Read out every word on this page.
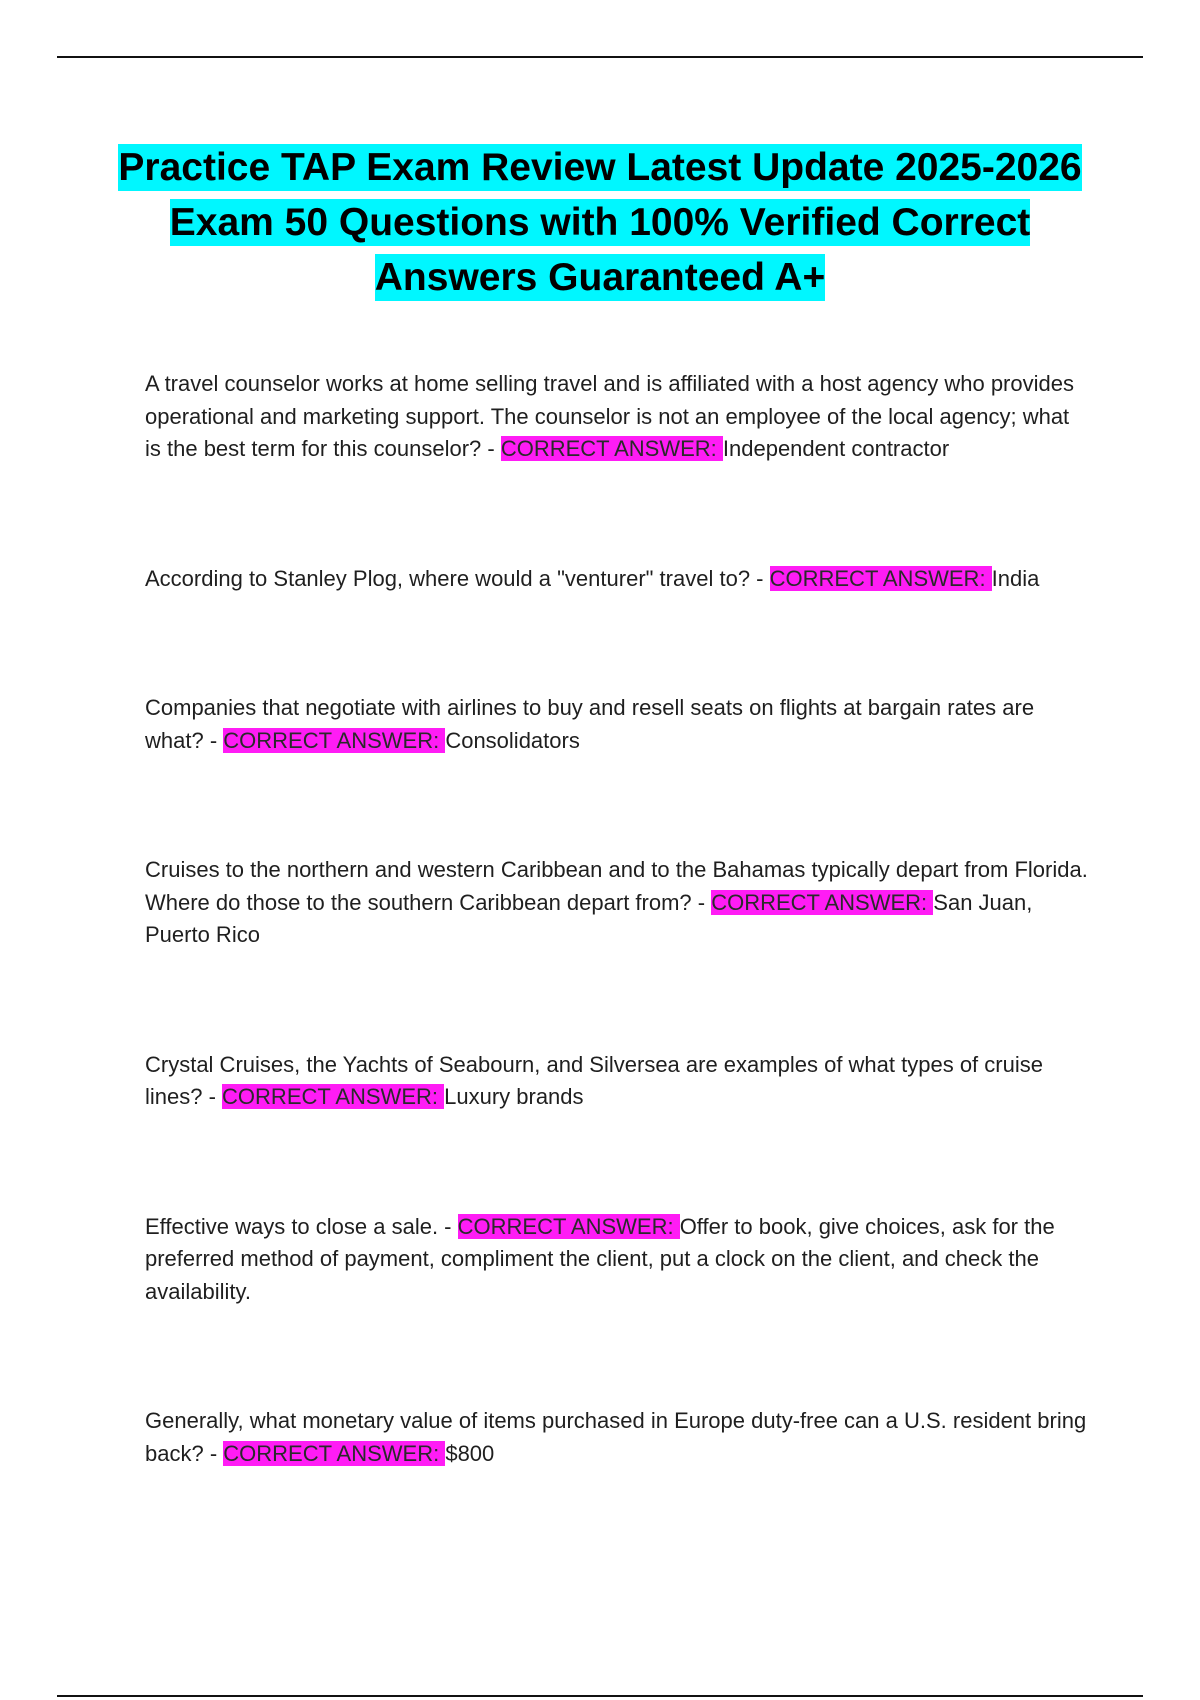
Practice TAP Exam Review Latest Update 2025-2026 Exam 50 Questions with 100% Verified Correct Answers Guaranteed A+

A travel counselor works at home selling travel and is affiliated with a host agency who provides operational and marketing support. The counselor is not an employee of the local agency; what is the best term for this counselor? - CORRECT ANSWER: Independent contractor

According to Stanley Plog, where would a "venturer" travel to? - CORRECT ANSWER: India

Companies that negotiate with airlines to buy and resell seats on flights at bargain rates are what? - CORRECT ANSWER: Consolidators

Cruises to the northern and western Caribbean and to the Bahamas typically depart from Florida. Where do those to the southern Caribbean depart from? - CORRECT ANSWER: San Juan, Puerto Rico

Crystal Cruises, the Yachts of Seabourn, and Silversea are examples of what types of cruise lines? - CORRECT ANSWER: Luxury brands

Effective ways to close a sale. - CORRECT ANSWER: Offer to book, give choices, ask for the preferred method of payment, compliment the client, put a clock on the client, and check the availability.

Generally, what monetary value of items purchased in Europe duty-free can a U.S. resident bring back? - CORRECT ANSWER: $800
